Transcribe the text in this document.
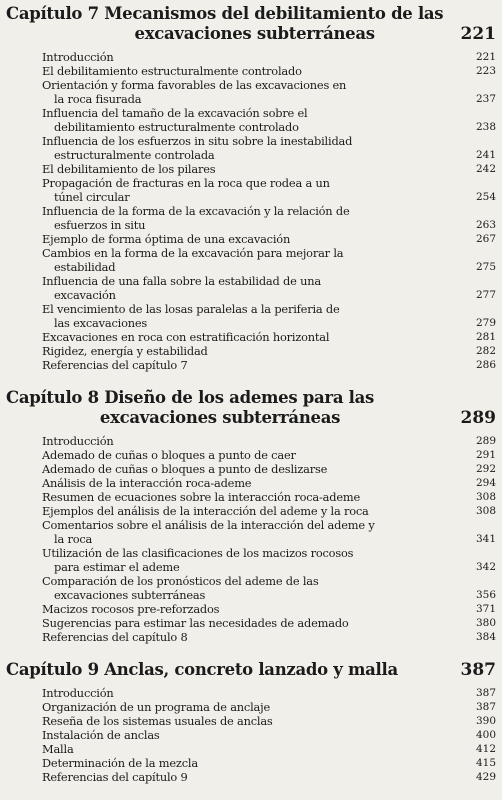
Capítulo 7 Mecanismos del debilitamiento de las
excavaciones subterráneas	221
Introducción	221
El debilitamiento estructuralmente controlado	223
Orientación y forma favorables de las excavaciones en
la roca fisurada	237
Influencia del tamaño de la excavación sobre el
debilitamiento estructuralmente controlado	238
Influencia de los esfuerzos in situ sobre la inestabilidad
estructuralmente controlada	241
El debilitamiento de los pilares	242
Propagación de fracturas en la roca que rodea a un
túnel circular	254
Influencia de la forma de la excavación y la relación de
esfuerzos in situ	263
Ejemplo de forma óptima de una excavación	267
Cambios en la forma de la excavación para mejorar la
estabilidad	275
Influencia de una falla sobre la estabilidad de una
excavación	277
El vencimiento de las losas paralelas a la periferia de
las excavaciones	279
Excavaciones en roca con estratificación horizontal	281
Rigidez, energía y estabilidad	282
Referencias del capítulo 7	286
Capítulo 8 Diseño de los ademes para las
excavaciones subterráneas	289
Introducción	289
Ademado de cuñas o bloques a punto de caer	291
Ademado de cuñas o bloques a punto de deslizarse	292
Análisis de la interacción roca-ademe	294
Resumen de ecuaciones sobre la interacción roca-ademe	308
Ejemplos del análisis de la interacción del ademe y la roca	308
Comentarios sobre el análisis de la interacción del ademe y
la roca	341
Utilización de las clasificaciones de los macizos rocosos
para estimar el ademe	342
Comparación de los pronósticos del ademe de las
excavaciones subterráneas	356
Macizos rocosos pre-reforzados	371
Sugerencias para estimar las necesidades de ademado	380
Referencias del capítulo 8	384
Capítulo 9 Anclas, concreto lanzado y malla	387
Introducción	387
Organización de un programa de anclaje	387
Reseña de los sistemas usuales de anclas	390
Instalación de anclas	400
Malla	412
Determinación de la mezcla	415
Referencias del capítulo 9	429
